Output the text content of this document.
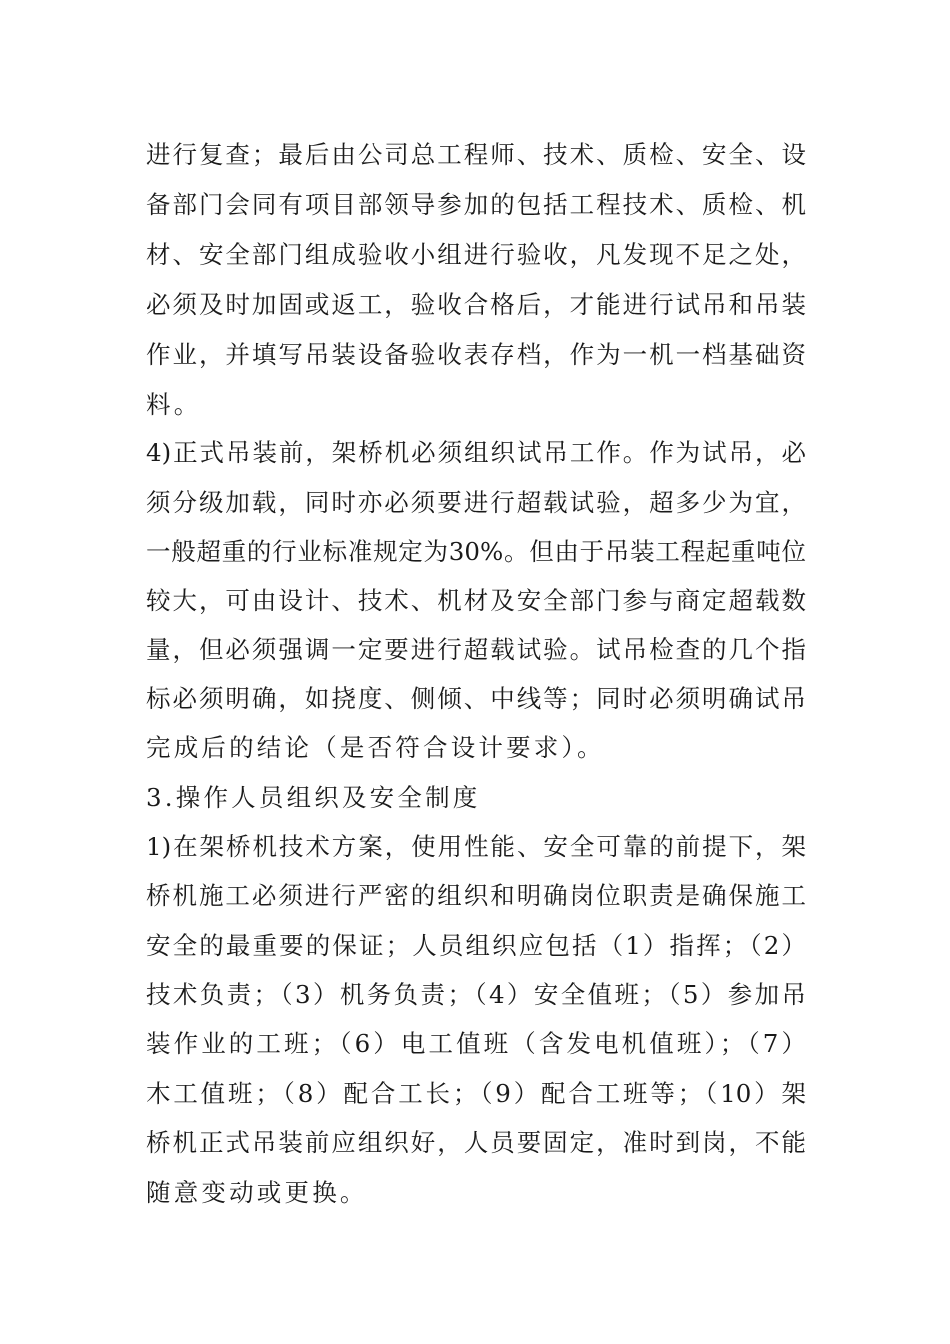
进行复查；最后由公司总工程师、技术、质检、安全、设
备部门会同有项目部领导参加的包括工程技术、质检、机
材、安全部门组成验收小组进行验收，凡发现不足之处，
必须及时加固或返工，验收合格后，才能进行试吊和吊装
作业，并填写吊装设备验收表存档，作为一机一档基础资
料。
4)正式吊装前，架桥机必须组织试吊工作。作为试吊，必
须分级加载，同时亦必须要进行超载试验，超多少为宜，
一般超重的行业标准规定为30%。但由于吊装工程起重吨位
较大，可由设计、技术、机材及安全部门参与商定超载数
量，但必须强调一定要进行超载试验。试吊检查的几个指
标必须明确，如挠度、侧倾、中线等；同时必须明确试吊
完成后的结论（是否符合设计要求）。
3.操作人员组织及安全制度
1)在架桥机技术方案，使用性能、安全可靠的前提下，架
桥机施工必须进行严密的组织和明确岗位职责是确保施工
安全的最重要的保证；人员组织应包括（1）指挥；（2）
技术负责；（3）机务负责；（4）安全值班；（5）参加吊
装作业的工班；（6）电工值班（含发电机值班）；（7）
木工值班；（8）配合工长；（9）配合工班等；（10）架
桥机正式吊装前应组织好，人员要固定，准时到岗，不能
随意变动或更换。
